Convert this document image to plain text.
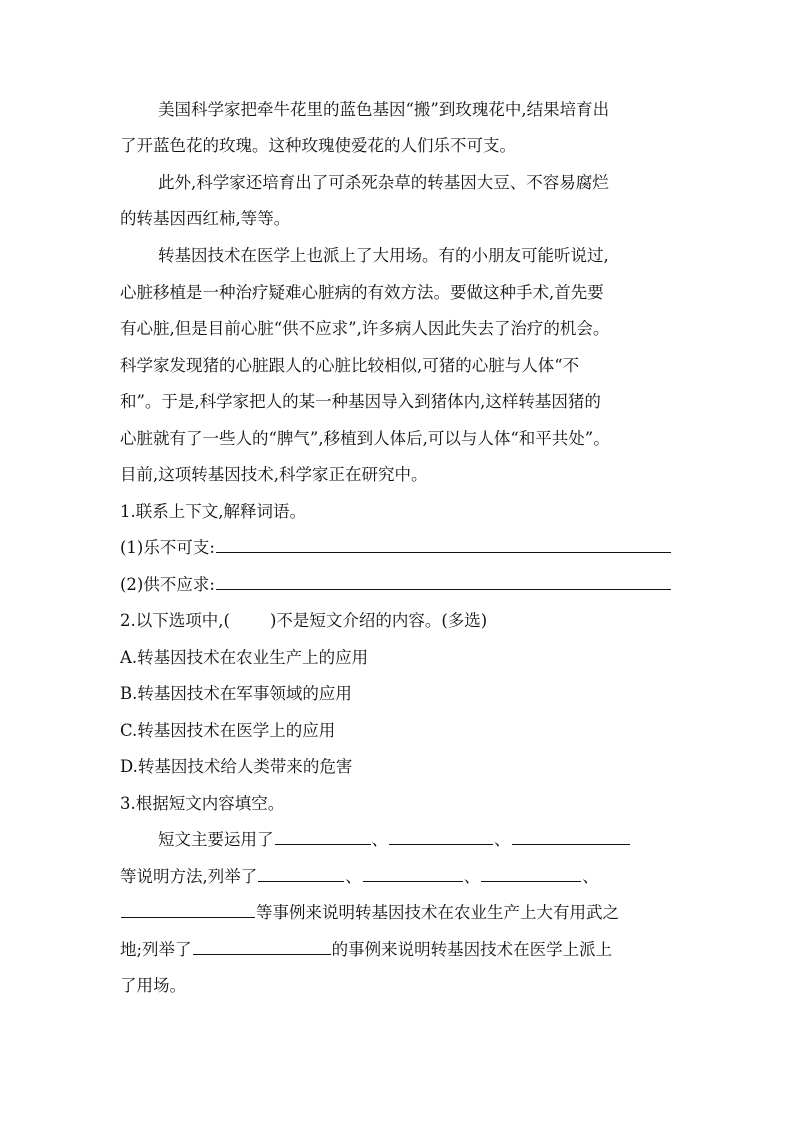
美国科学家把牵牛花里的蓝色基因“搬”到玫瑰花中,结果培育出
了开蓝色花的玫瑰。这种玫瑰使爱花的人们乐不可支。
此外,科学家还培育出了可杀死杂草的转基因大豆、不容易腐烂
的转基因西红柿,等等。
转基因技术在医学上也派上了大用场。有的小朋友可能听说过,
心脏移植是一种治疗疑难心脏病的有效方法。要做这种手术,首先要
有心脏,但是目前心脏“供不应求”,许多病人因此失去了治疗的机会。
科学家发现猪的心脏跟人的心脏比较相似,可猪的心脏与人体“不
和”。于是,科学家把人的某一种基因导入到猪体内,这样转基因猪的
心脏就有了一些人的“脾气”,移植到人体后,可以与人体“和平共处”。
目前,这项转基因技术,科学家正在研究中。
1.联系上下文,解释词语。
(1)乐不可支:
(2)供不应求:
2.以下选项中,( )不是短文介绍的内容。(多选)
A.转基因技术在农业生产上的应用
B.转基因技术在军事领域的应用
C.转基因技术在医学上的应用
D.转基因技术给人类带来的危害
3.根据短文内容填空。
短文主要运用了	、	、
等说明方法,列举了	、	、	、
等事例来说明转基因技术在农业生产上大有用武之
地;列举了	的事例来说明转基因技术在医学上派上
了用场。
